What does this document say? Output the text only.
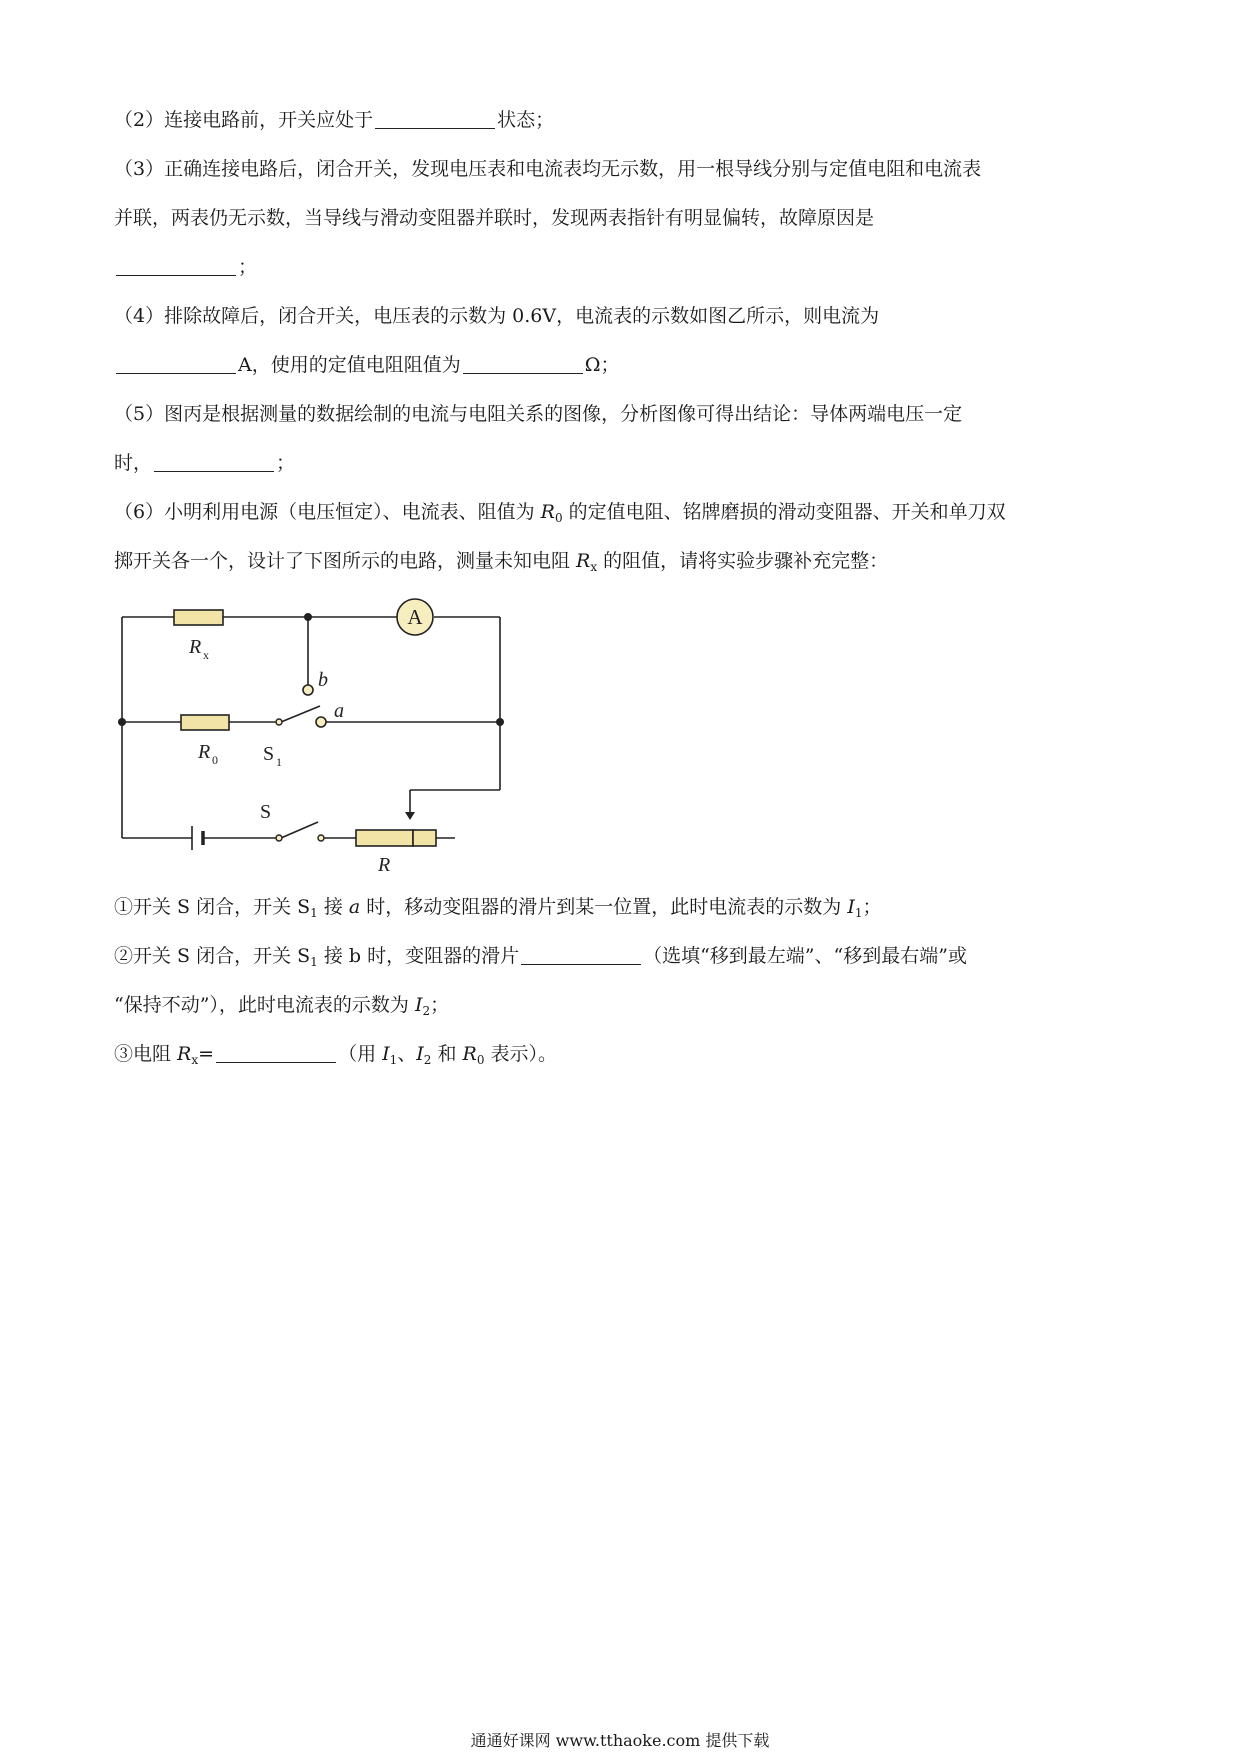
（2）连接电路前，开关应处于	状态；
（3）正确连接电路后，闭合开关，发现电压表和电流表均无示数，用一根导线分别与定值电阻和电流表
并联，两表仍无示数，当导线与滑动变阻器并联时，发现两表指针有明显偏转，故障原因是
；
（4）排除故障后，闭合开关，电压表的示数为 0.6V，电流表的示数如图乙所示，则电流为
A，使用的定值电阻阻值为	Ω；
（5）图丙是根据测量的数据绘制的电流与电阻关系的图像，分析图像可得出结论：导体两端电压一定
时，	；
（6）小明利用电源（电压恒定）、电流表、阻值为 $R_0$ 的定值电阻、铭牌磨损的滑动变阻器、开关和单刀双
掷开关各一个，设计了下图所示的电路，测量未知电阻 $R_x$ 的阻值，请将实验步骤补充完整：
A
R x
b
a
R 0 S 1
S
R
①开关 S 闭合，开关 $S_1$ 接 a 时，移动变阻器的滑片到某一位置，此时电流表的示数为 $I_1$；
②开关 S 闭合，开关 $S_1$ 接 b 时，变阻器的滑片	（选填“移到最左端”、“移到最右端”或
“保持不动”），此时电流表的示数为 $I_2$；
③电阻 $R_x=$	（用 $I_1$、$I_2$ 和 $R_0$ 表示）。
通通好课网 www.tthaoke.com 提供下载
